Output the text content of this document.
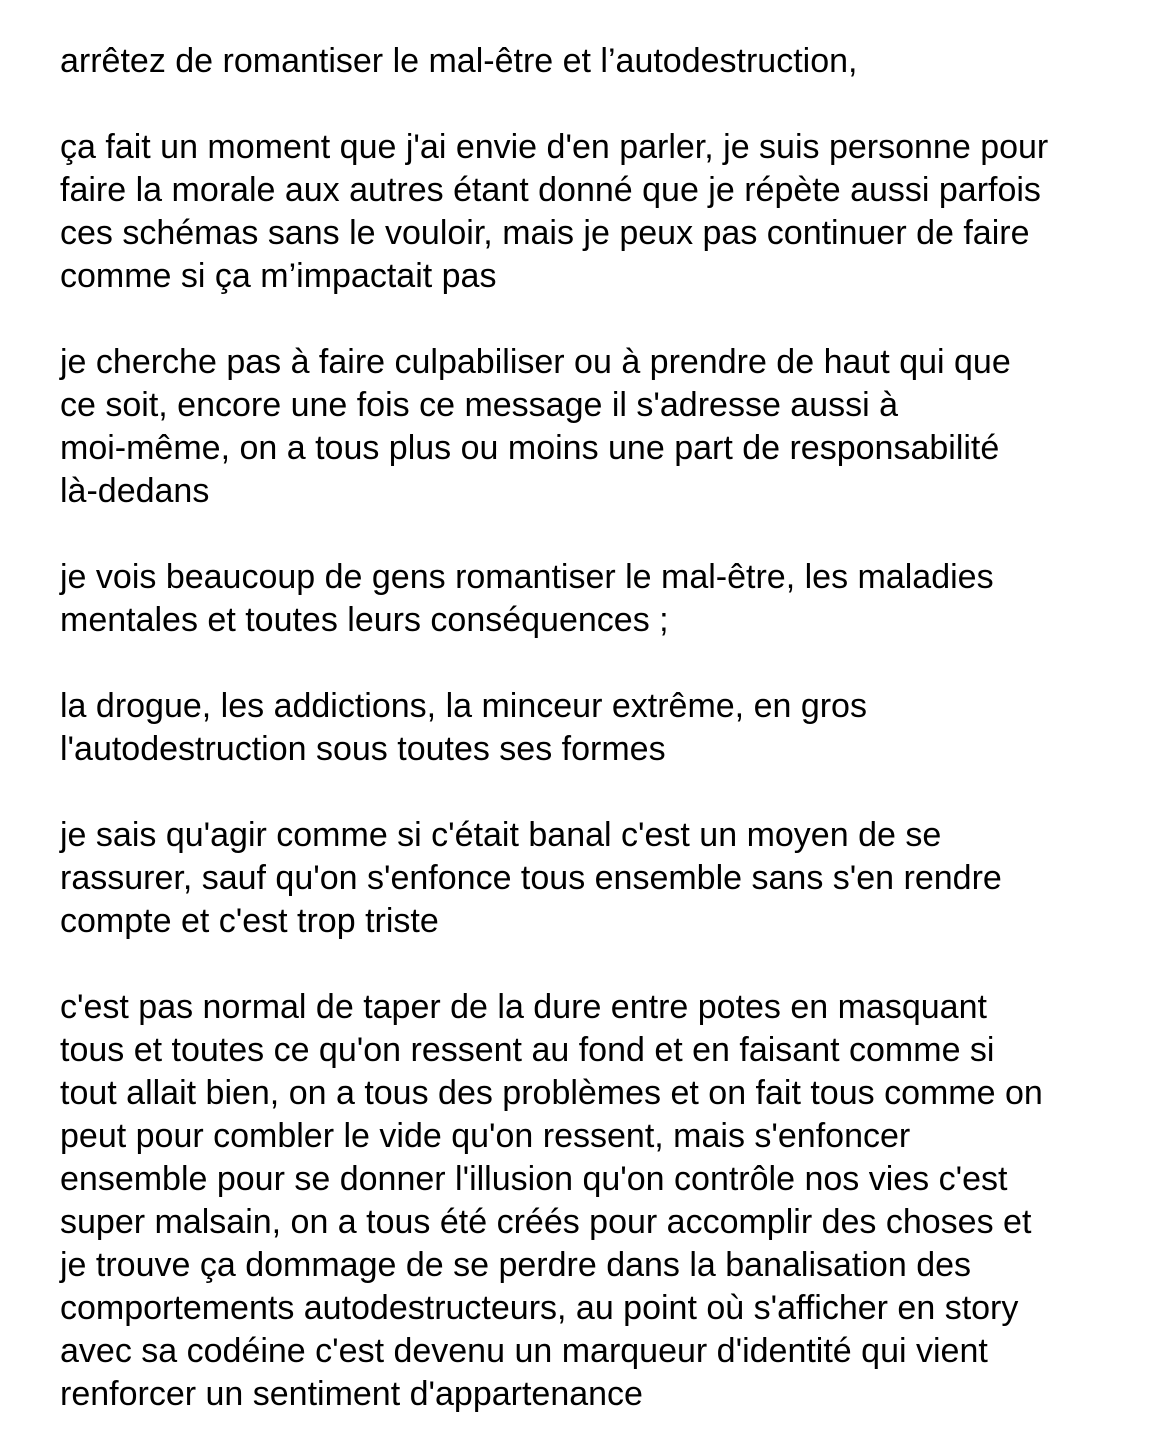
arrêtez de romantiser le mal-être et l’autodestruction,

ça fait un moment que j'ai envie d'en parler, je suis personne pour
faire la morale aux autres étant donné que je répète aussi parfois
ces schémas sans le vouloir, mais je peux pas continuer de faire
comme si ça m’impactait pas

je cherche pas à faire culpabiliser ou à prendre de haut qui que
ce soit, encore une fois ce message il s'adresse aussi à
moi-même, on a tous plus ou moins une part de responsabilité
là-dedans

je vois beaucoup de gens romantiser le mal-être, les maladies
mentales et toutes leurs conséquences ;

la drogue, les addictions, la minceur extrême, en gros
l'autodestruction sous toutes ses formes

je sais qu'agir comme si c'était banal c'est un moyen de se
rassurer, sauf qu'on s'enfonce tous ensemble sans s'en rendre
compte et c'est trop triste

c'est pas normal de taper de la dure entre potes en masquant
tous et toutes ce qu'on ressent au fond et en faisant comme si
tout allait bien, on a tous des problèmes et on fait tous comme on
peut pour combler le vide qu'on ressent, mais s'enfoncer
ensemble pour se donner l'illusion qu'on contrôle nos vies c'est
super malsain, on a tous été créés pour accomplir des choses et
je trouve ça dommage de se perdre dans la banalisation des
comportements autodestructeurs, au point où s'afficher en story
avec sa codéine c'est devenu un marqueur d'identité qui vient
renforcer un sentiment d'appartenance
